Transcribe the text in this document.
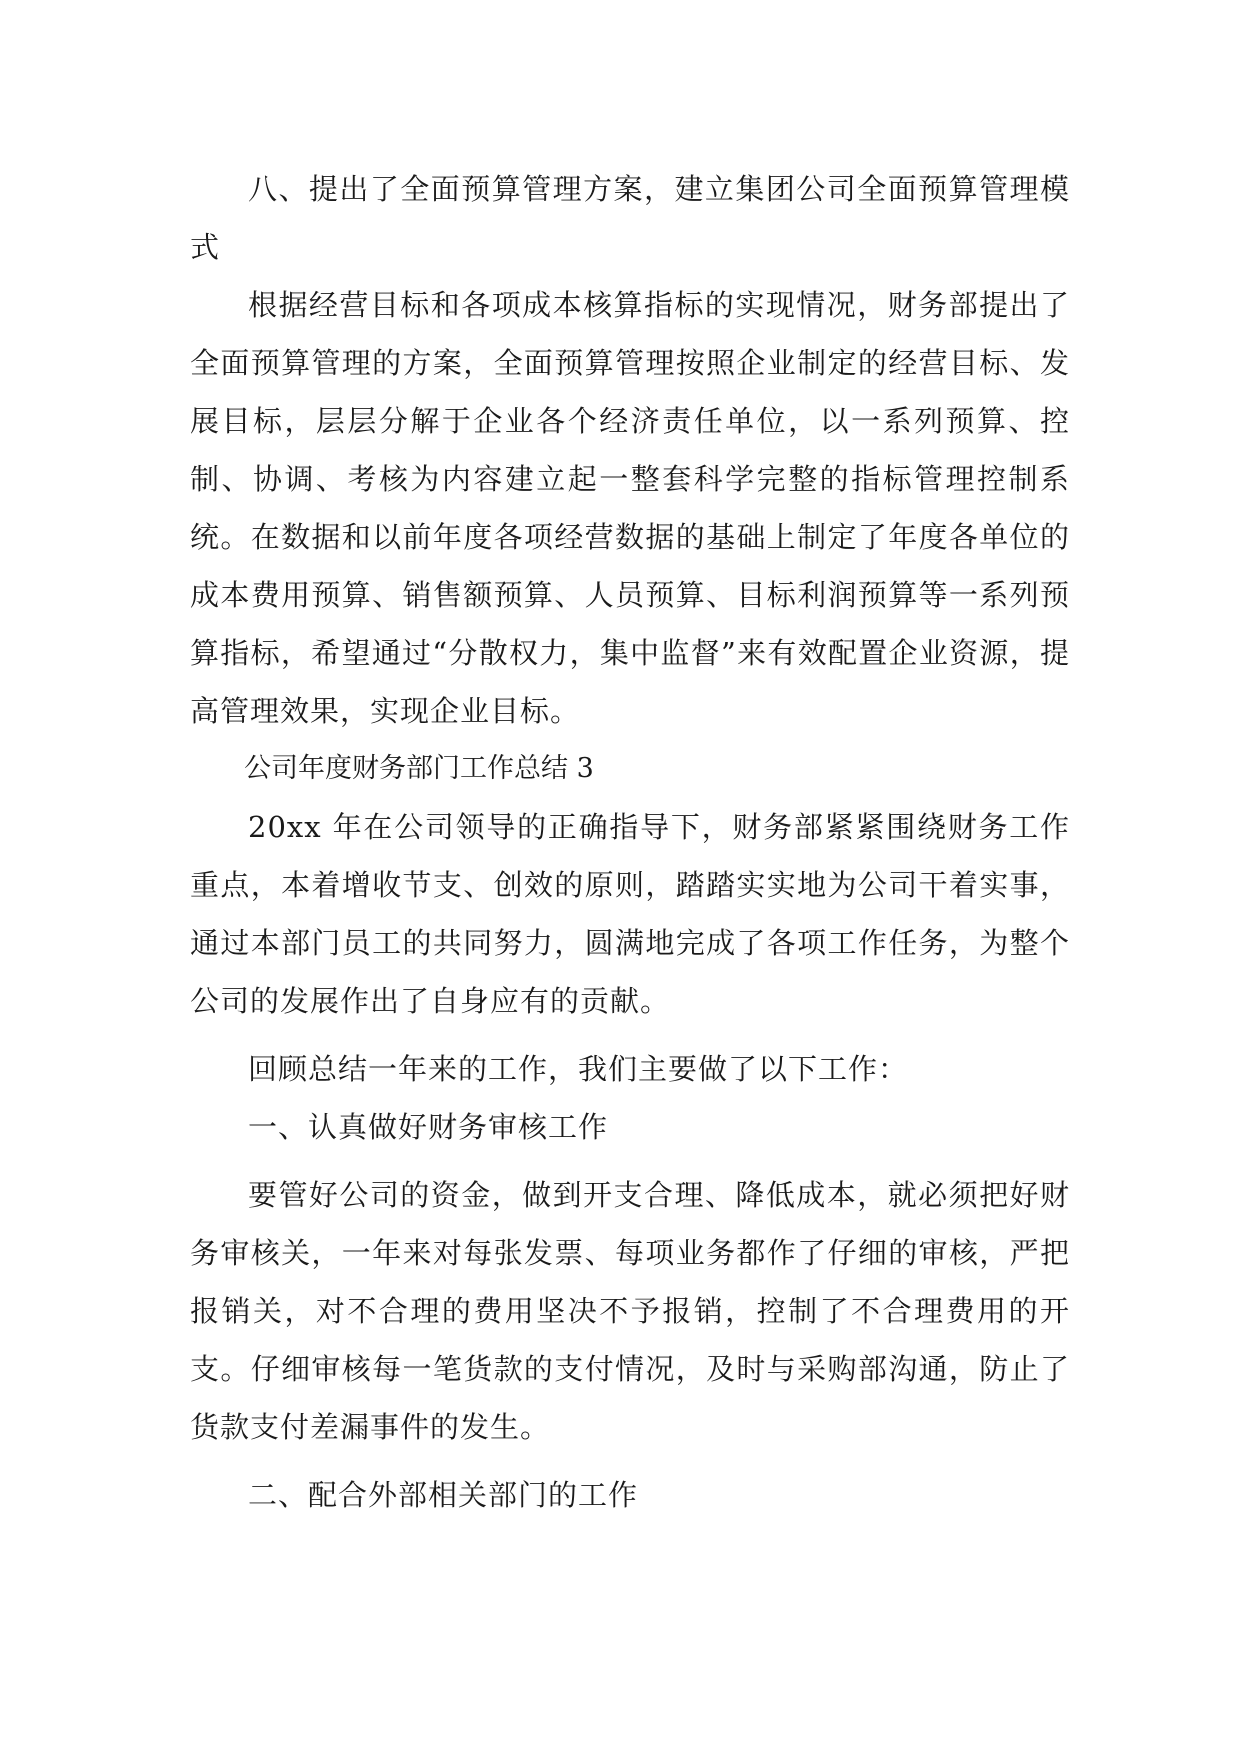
八、提出了全面预算管理方案，建立集团公司全面预算管理模式

根据经营目标和各项成本核算指标的实现情况，财务部提出了全面预算管理的方案，全面预算管理按照企业制定的经营目标、发展目标，层层分解于企业各个经济责任单位，以一系列预算、控制、协调、考核为内容建立起一整套科学完整的指标管理控制系统。在数据和以前年度各项经营数据的基础上制定了年度各单位的成本费用预算、销售额预算、人员预算、目标利润预算等一系列预算指标，希望通过“分散权力，集中监督”来有效配置企业资源，提高管理效果，实现企业目标。

公司年度财务部门工作总结 3

20xx 年在公司领导的正确指导下，财务部紧紧围绕财务工作重点，本着增收节支、创效的原则，踏踏实实地为公司干着实事，通过本部门员工的共同努力，圆满地完成了各项工作任务，为整个公司的发展作出了自身应有的贡献。

回顾总结一年来的工作，我们主要做了以下工作：

一、认真做好财务审核工作

要管好公司的资金，做到开支合理、降低成本，就必须把好财务审核关，一年来对每张发票、每项业务都作了仔细的审核，严把报销关，对不合理的费用坚决不予报销，控制了不合理费用的开支。仔细审核每一笔货款的支付情况，及时与采购部沟通，防止了货款支付差漏事件的发生。

二、配合外部相关部门的工作
